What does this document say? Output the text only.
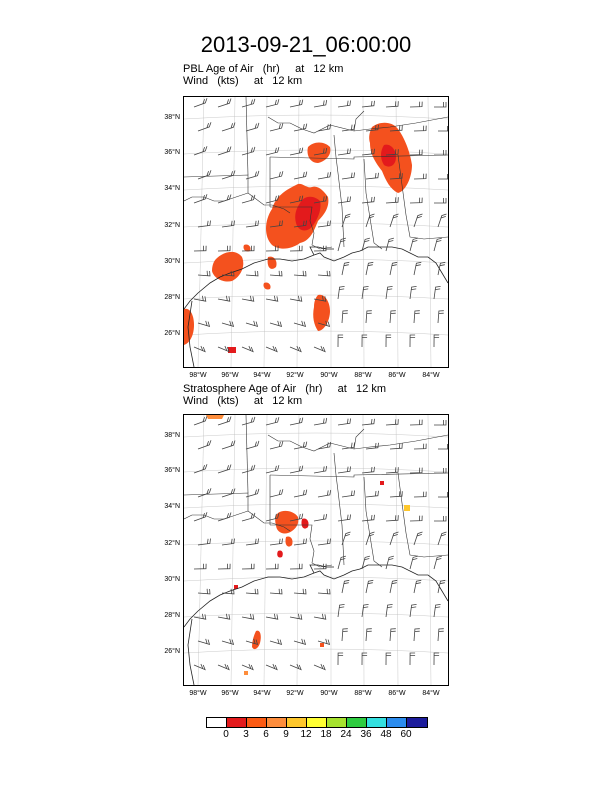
2013-09-21_06:00:00
PBL Age of Air   (hr)     at   12 km
Wind   (kts)     at   12 km
38°N
36°N
34°N
32°N
30°N
28°N
26°N
98°W	96°W	94°W	92°W	90°W	88°W	86°W	84°W
Stratosphere Age of Air   (hr)     at   12 km
Wind   (kts)     at   12 km
38°N
36°N
34°N
32°N
30°N
28°N
26°N
98°W	96°W	94°W	92°W	90°W	88°W	86°W	84°W
0	3	6	9	12 18 24 36 48 60
